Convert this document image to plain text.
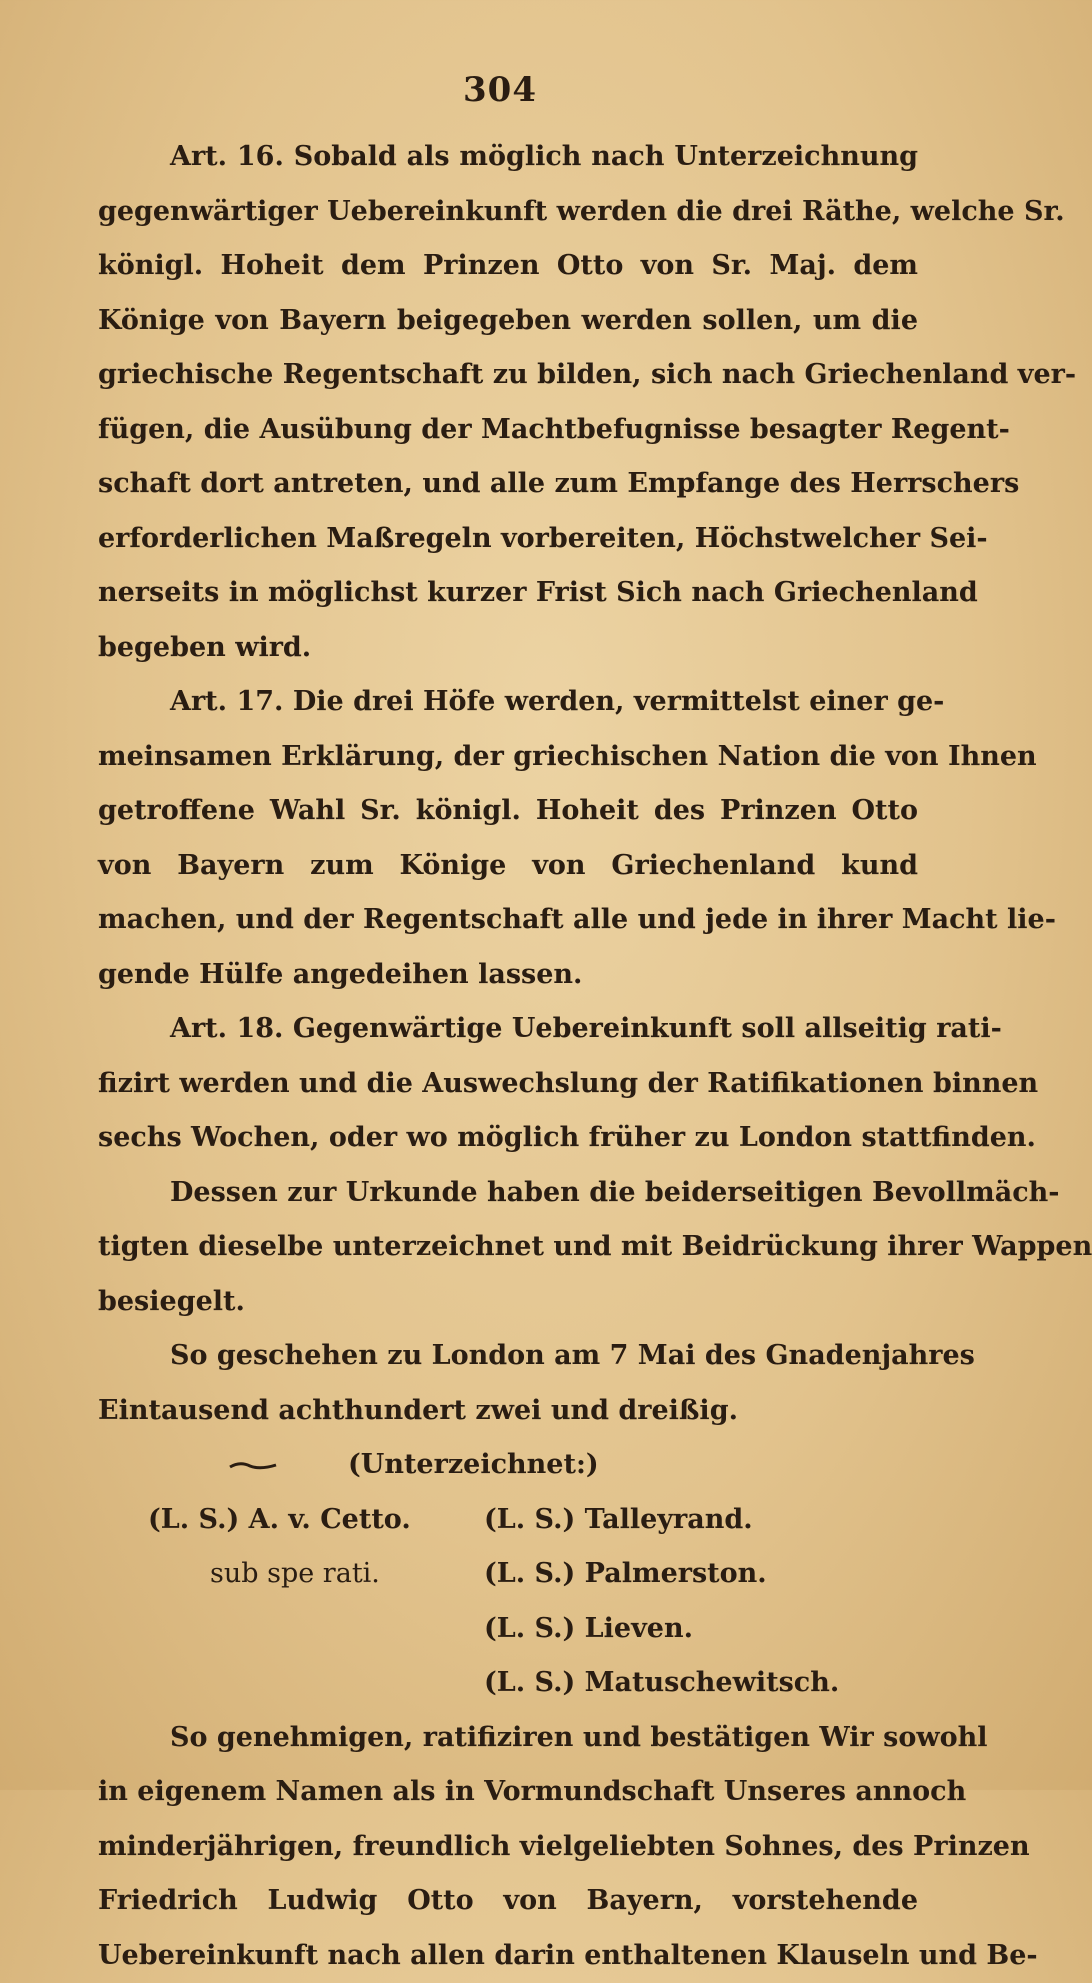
304
Art. 16. Sobald als möglich nach Unterzeichnung
gegenwärtiger Uebereinkunft werden die drei Räthe, welche Sr.
königl. Hoheit dem Prinzen Otto von Sr. Maj. dem
Könige von Bayern beigegeben werden sollen, um die
griechische Regentschaft zu bilden, sich nach Griechenland ver-
fügen, die Ausübung der Machtbefugnisse besagter Regent-
schaft dort antreten, und alle zum Empfange des Herrschers
erforderlichen Maßregeln vorbereiten, Höchstwelcher Sei-
nerseits in möglichst kurzer Frist Sich nach Griechenland
begeben wird.
Art. 17. Die drei Höfe werden, vermittelst einer ge-
meinsamen Erklärung, der griechischen Nation die von Ihnen
getroffene Wahl Sr. königl. Hoheit des Prinzen Otto
von Bayern zum Könige von Griechenland kund
machen, und der Regentschaft alle und jede in ihrer Macht lie-
gende Hülfe angedeihen lassen.
Art. 18. Gegenwärtige Uebereinkunft soll allseitig rati-
fizirt werden und die Auswechslung der Ratifikationen binnen
sechs Wochen, oder wo möglich früher zu London stattfinden.
Dessen zur Urkunde haben die beiderseitigen Bevollmäch-
tigten dieselbe unterzeichnet und mit Beidrückung ihrer Wappen
besiegelt.
So geschehen zu London am 7 Mai des Gnadenjahres
Eintausend achthundert zwei und dreißig.
(Unterzeichnet:)
(L. S.) A. v. Cetto.	(L. S.) Talleyrand.
sub spe rati.	(L. S.) Palmerston.
(L. S.) Lieven.
(L. S.) Matuschewitsch.
So genehmigen, ratifiziren und bestätigen Wir sowohl
in eigenem Namen als in Vormundschaft Unseres annoch
minderjährigen, freundlich vielgeliebten Sohnes, des Prinzen
Friedrich Ludwig Otto von Bayern, vorstehende
Uebereinkunft nach allen darin enthaltenen Klauseln und Be-
